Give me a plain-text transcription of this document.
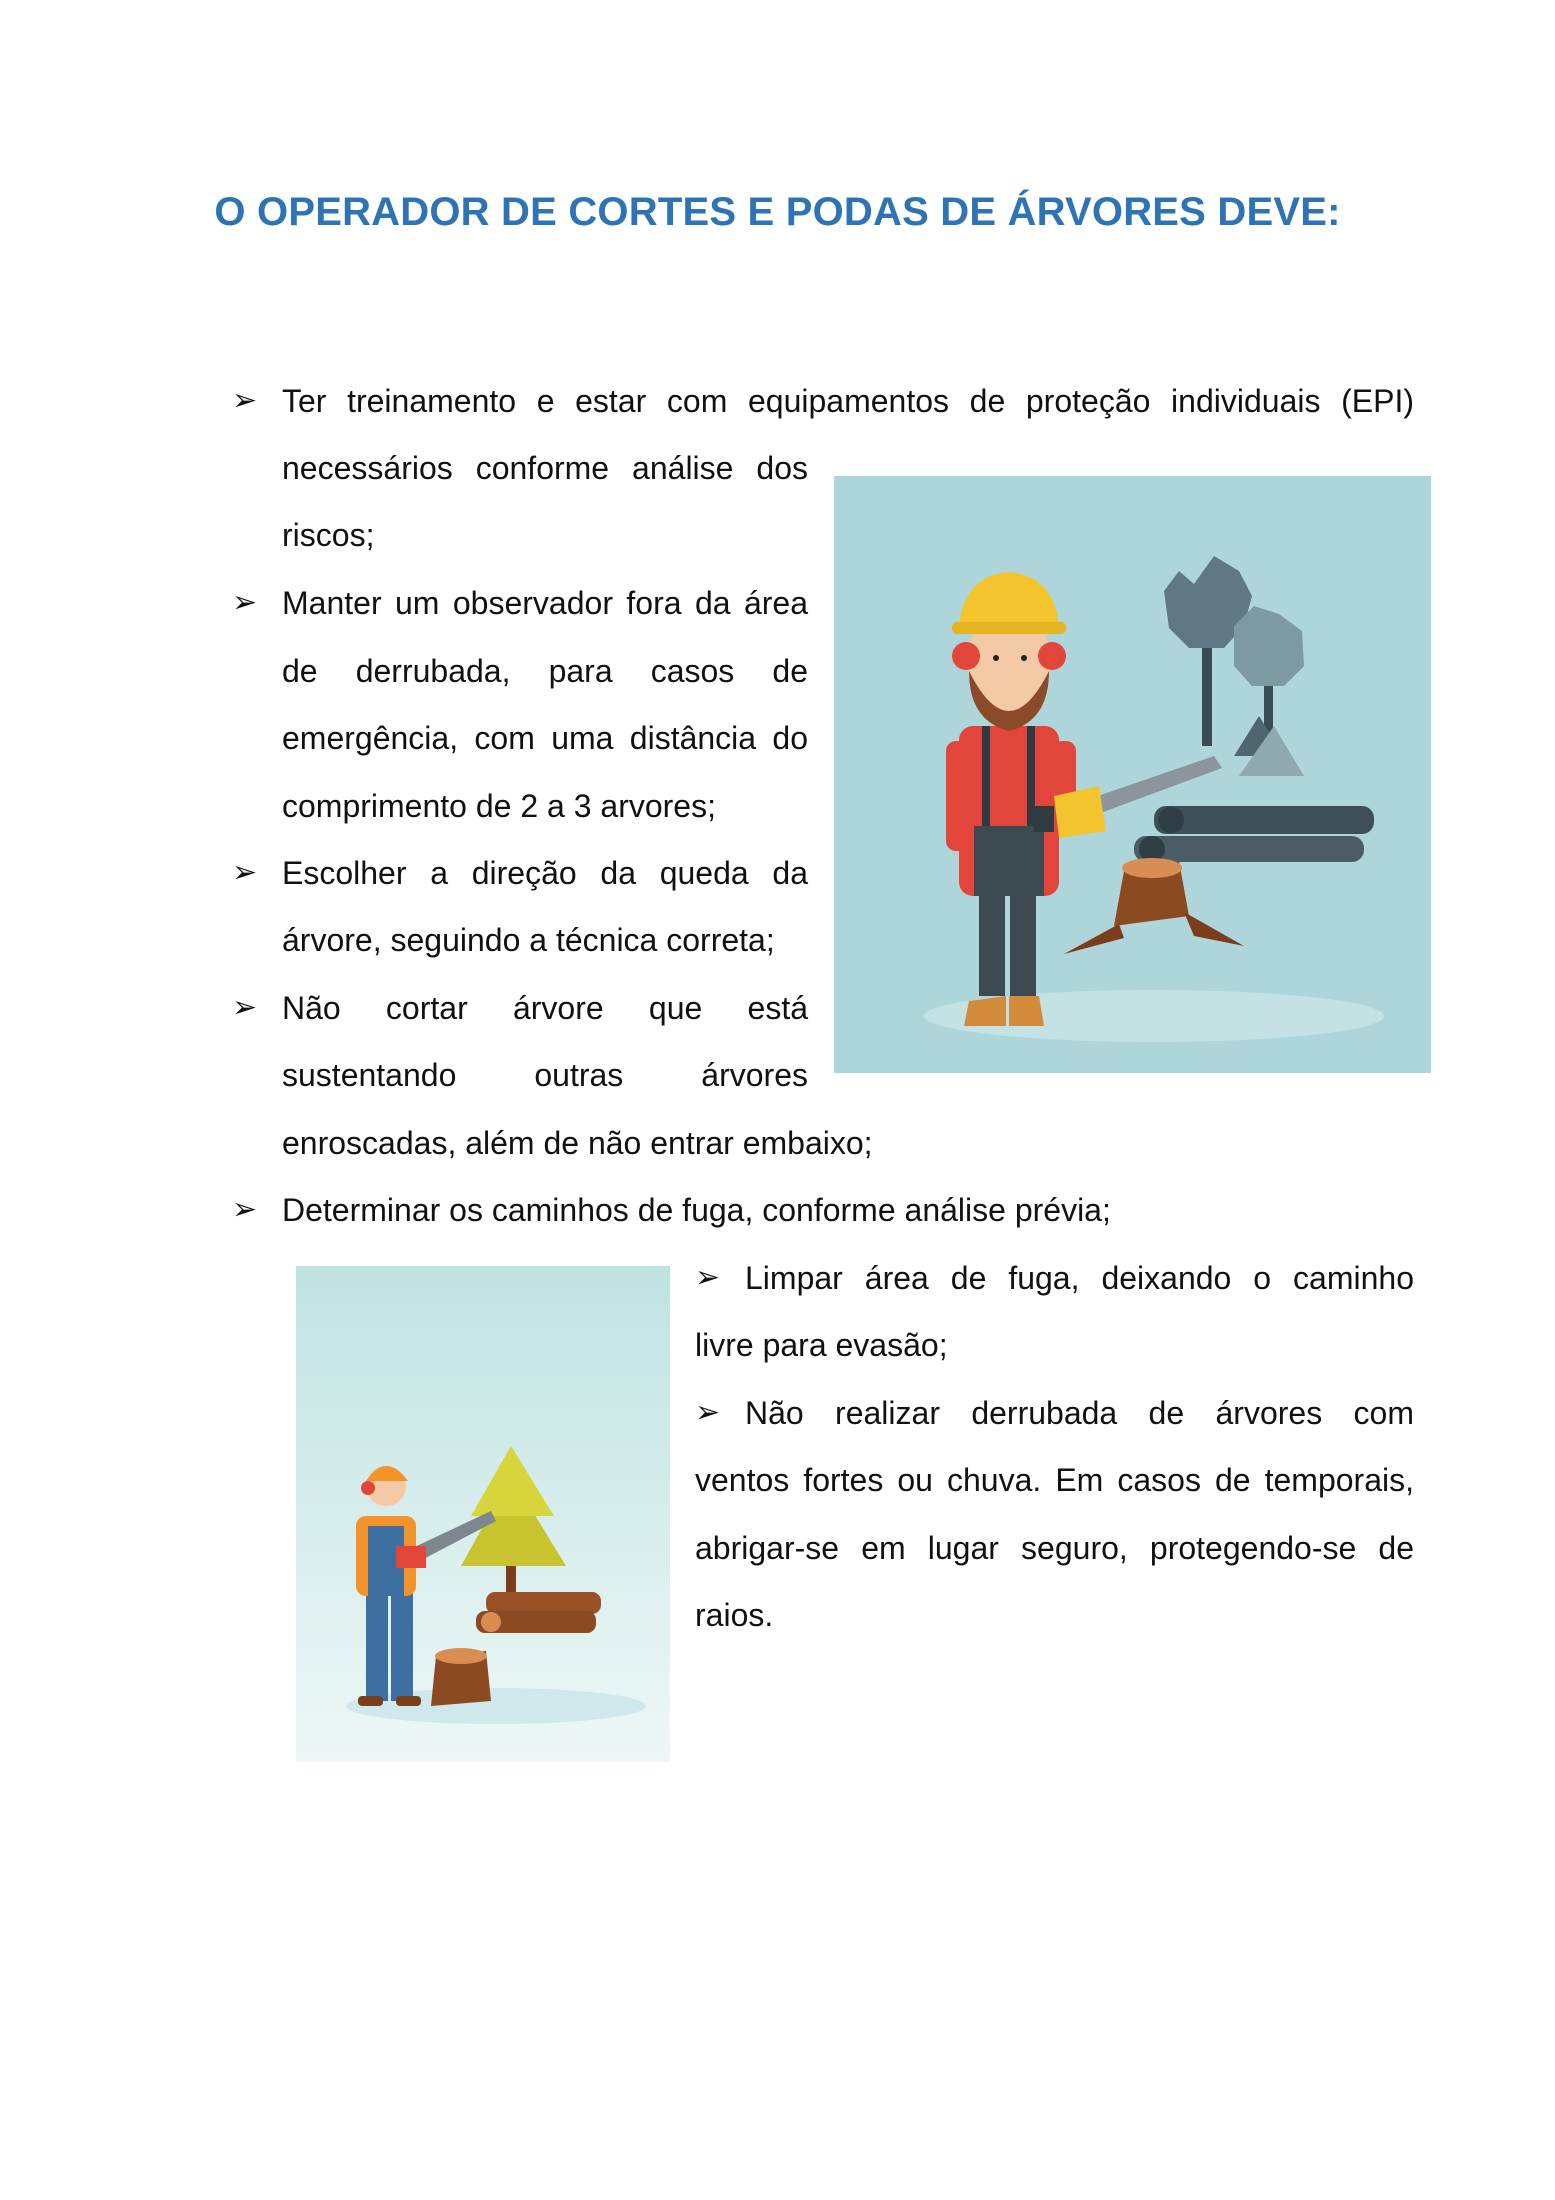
O OPERADOR DE CORTES E PODAS DE ÁRVORES DEVE:
➢ Ter treinamento e estar com equipamentos de proteção individuais (EPI)

necessários conforme análise dos

riscos;

➢ Manter um observador fora da área

de derrubada, para casos de

emergência, com uma distância do

comprimento de 2 a 3 arvores;

➢ Escolher a direção da queda da

árvore, seguindo a técnica correta;

➢ Não cortar árvore que está

sustentando outras árvores

enroscadas, além de não entrar embaixo;

➢ Determinar os caminhos de fuga, conforme análise prévia;

➢ Limpar área de fuga, deixando o caminho

livre para evasão;

➢ Não realizar derrubada de árvores com

ventos fortes ou chuva. Em casos de temporais,

abrigar-se em lugar seguro, protegendo-se de

raios.
